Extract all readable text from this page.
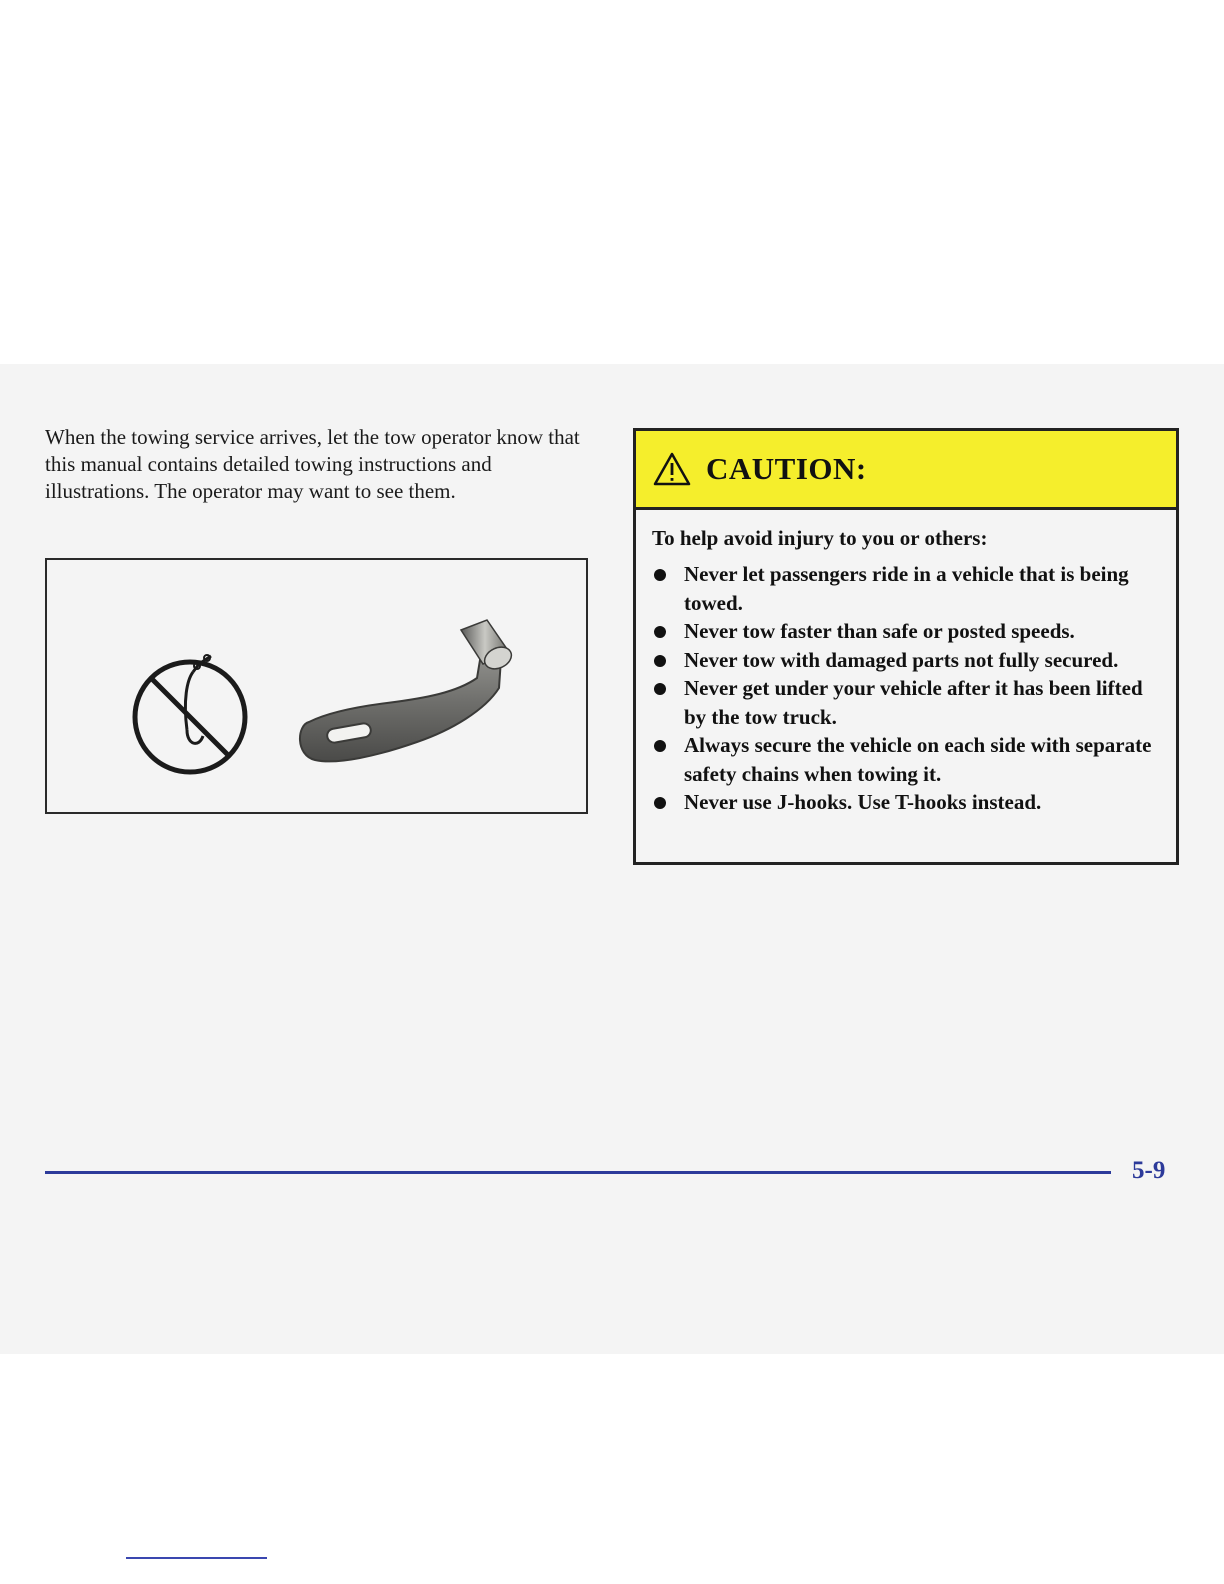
When the towing service arrives, let the tow operator know that this manual contains detailed towing instructions and illustrations. The operator may want to see them.

CAUTION:

To help avoid injury to you or others:

Never let passengers ride in a vehicle that is being towed.
Never tow faster than safe or posted speeds.
Never tow with damaged parts not fully secured.
Never get under your vehicle after it has been lifted by the tow truck.
Always secure the vehicle on each side with separate safety chains when towing it.
Never use J-hooks. Use T-hooks instead.
5-9
